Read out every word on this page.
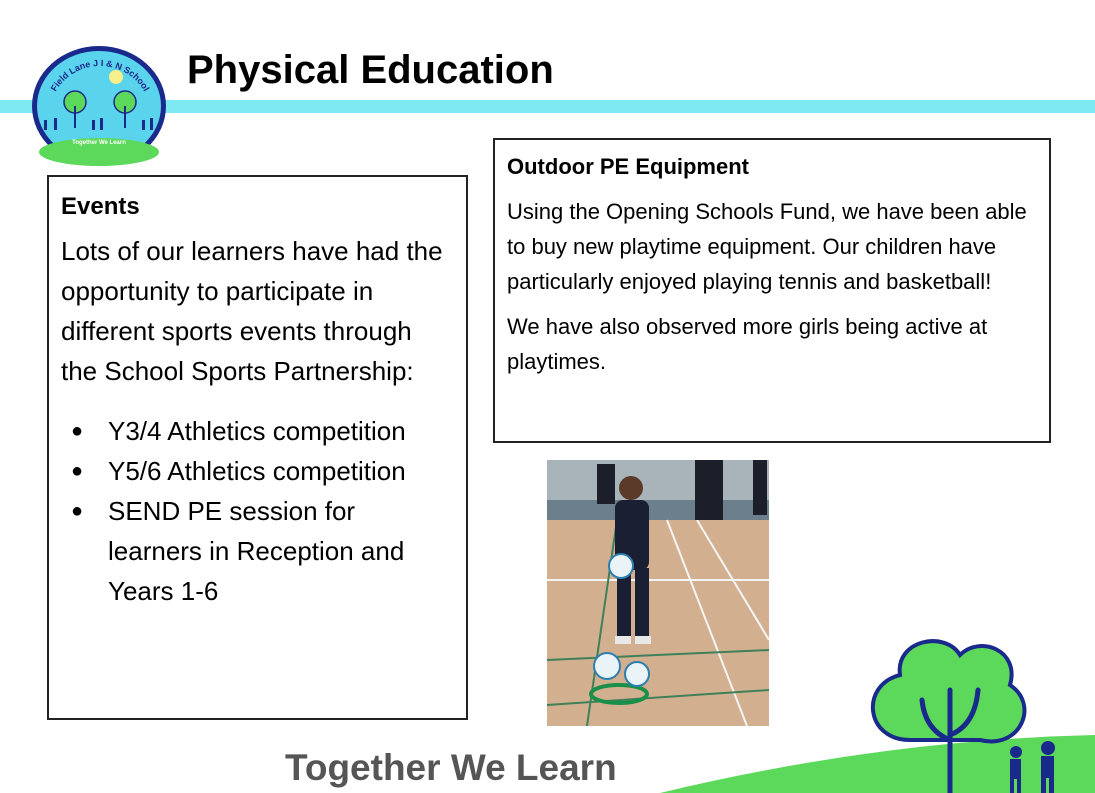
Field Lane J I & N School
Together We Learn
Physical Education
Events

Lots of our learners have had the opportunity to participate in different sports events through the School Sports Partnership:

● Y3/4 Athletics competition
● Y5/6 Athletics competition
● SEND PE session for learners in Reception and Years 1-6
Outdoor PE Equipment

Using the Opening Schools Fund, we have been able to buy new playtime equipment. Our children have particularly enjoyed playing tennis and basketball!

We have also observed more girls being active at playtimes.

Together We Learn
